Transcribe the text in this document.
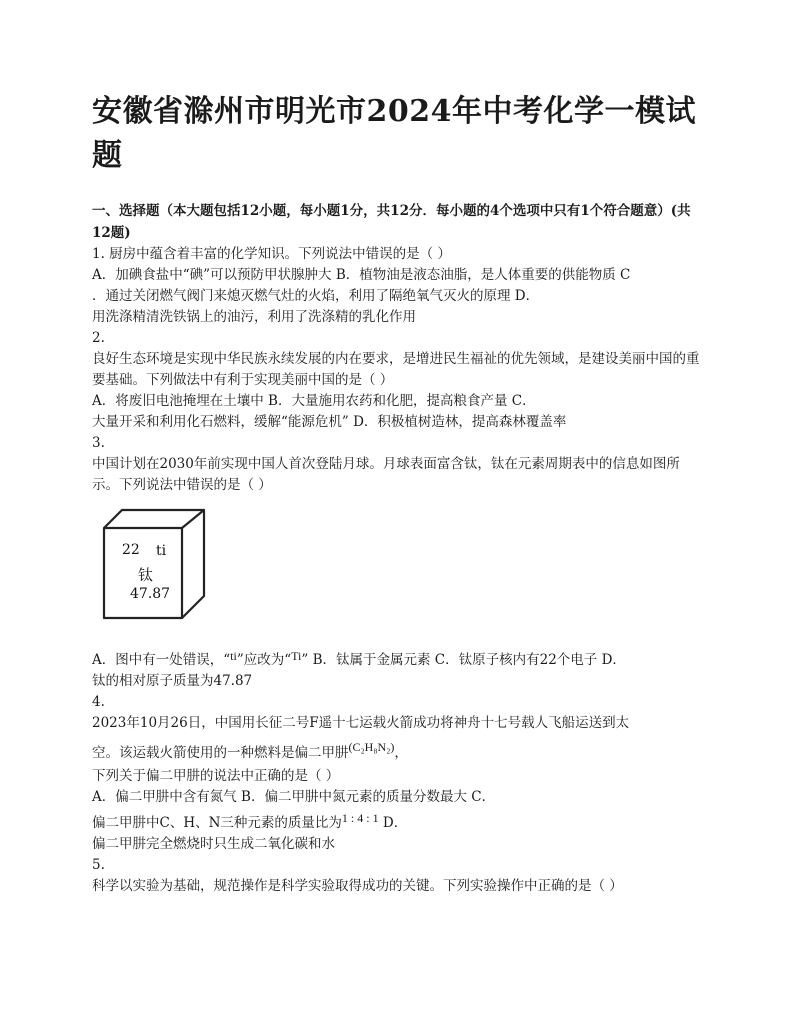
安徽省滁州市明光市2024年中考化学一模试题
一、选择题（本大题包括12小题，每小题1分，共12分．每小题的4个选项中只有1个符合题意）(共12题)
1. 厨房中蕴含着丰富的化学知识。下列说法中错误的是（ ）
A．加碘食盐中“碘”可以预防甲状腺肿大 B．植物油是液态油脂，是人体重要的供能物质 C
．通过关闭燃气阀门来熄灭燃气灶的火焰，利用了隔绝氧气灭火的原理 D．
用洗涤精清洗铁锅上的油污，利用了洗涤精的乳化作用
2.
良好生态环境是实现中华民族永续发展的内在要求，是增进民生福祉的优先领域，是建设美丽中国的重要基础。下列做法中有利于实现美丽中国的是（ ）
A．将废旧电池掩埋在土壤中 B．大量施用农药和化肥，提高粮食产量 C．
大量开采和利用化石燃料，缓解“能源危机” D．积极植树造林，提高森林覆盖率
3.
中国计划在2030年前实现中国人首次登陆月球。月球表面富含钛，钛在元素周期表中的信息如图所示。下列说法中错误的是（ ）
22 ti
钛
47.87
A．图中有一处错误，“ti”应改为“Ti” B．钛属于金属元素 C．钛原子核内有22个电子 D．
钛的相对原子质量为47.87
4.
2023年10月26日，中国用长征二号F遥十七运载火箭成功将神舟十七号载人飞船运送到太
空。该运载火箭使用的一种燃料是偏二甲肼(C₂H₈N₂)，
下列关于偏二甲肼的说法中正确的是（ ）
A．偏二甲肼中含有氮气 B．偏二甲肼中氮元素的质量分数最大 C．
偏二甲肼中C、H、N三种元素的质量比为1 : 4 : 1 D．
偏二甲肼完全燃烧时只生成二氧化碳和水
5.
科学以实验为基础，规范操作是科学实验取得成功的关键。下列实验操作中正确的是（ ）
